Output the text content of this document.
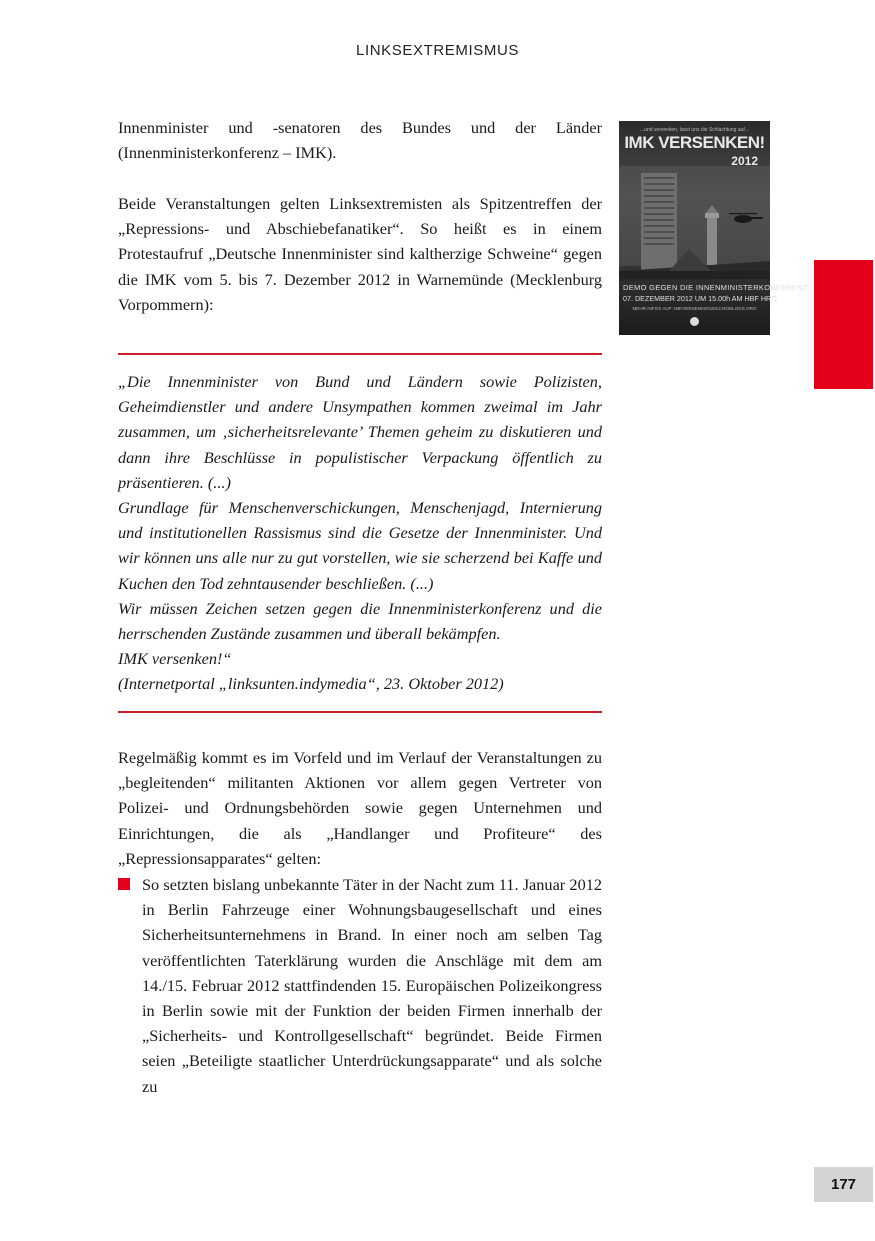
LINKSEXTREMISMUS

Innenminister und -senatoren des Bundes und der Länder (Innenministerkonferenz – IMK).

Beide Veranstaltungen gelten Linksextremisten als Spitzentreffen der „Repressions- und Abschiebefanatiker“. So heißt es in einem Protestaufruf „Deutsche Innenminister sind kaltherzige Schweine“ gegen die IMK vom 5. bis 7. Dezember 2012 in Warnemünde (Mecklenburg Vorpommern):

...und versenken, lasst uns die Schlachtung auf...
IMK VERSENKEN!
2012
DEMO GEGEN DIE INNENMINISTERKONFERENZ
07. DEZEMBER 2012 UM 15.00h AM HBF HRO
MEHR INFOS AUF: IMKVERSENKEN2012.NOBLOGS.ORG

„Die Innenminister von Bund und Ländern sowie Polizisten, Geheimdienstler und andere Unsympathen kommen zweimal im Jahr zusammen, um ‚sicherheitsrelevante’ Themen geheim zu diskutieren und dann ihre Beschlüsse in populistischer Verpackung öffentlich zu präsentieren. (...)

Grundlage für Menschenverschickungen, Menschenjagd, Internierung und institutionellen Rassismus sind die Gesetze der Innenminister. Und wir können uns alle nur zu gut vorstellen, wie sie scherzend bei Kaffe und Kuchen den Tod zehntausender beschließen. (...)

Wir müssen Zeichen setzen gegen die Innenministerkonferenz und die herrschenden Zustände zusammen und überall bekämpfen.

IMK versenken!“

(Internetportal „linksunten.indymedia“, 23. Oktober 2012)

Regelmäßig kommt es im Vorfeld und im Verlauf der Veranstaltungen zu „begleitenden“ militanten Aktionen vor allem gegen Vertreter von Polizei- und Ordnungsbehörden sowie gegen Unternehmen und Einrichtungen, die als „Handlanger und Profiteure“ des „Repressionsapparates“ gelten:

So setzten bislang unbekannte Täter in der Nacht zum 11. Januar 2012 in Berlin Fahrzeuge einer Wohnungsbaugesellschaft und eines Sicherheitsunternehmens in Brand. In einer noch am selben Tag veröffentlichten Taterklärung wurden die Anschläge mit dem am 14./15. Februar 2012 stattfindenden 15. Europäischen Polizeikongress in Berlin sowie mit der Funktion der beiden Firmen innerhalb der „Sicherheits- und Kontrollgesellschaft“ begründet. Beide Firmen seien „Beteiligte staatlicher Unterdrückungsapparate“ und als solche zu
177
